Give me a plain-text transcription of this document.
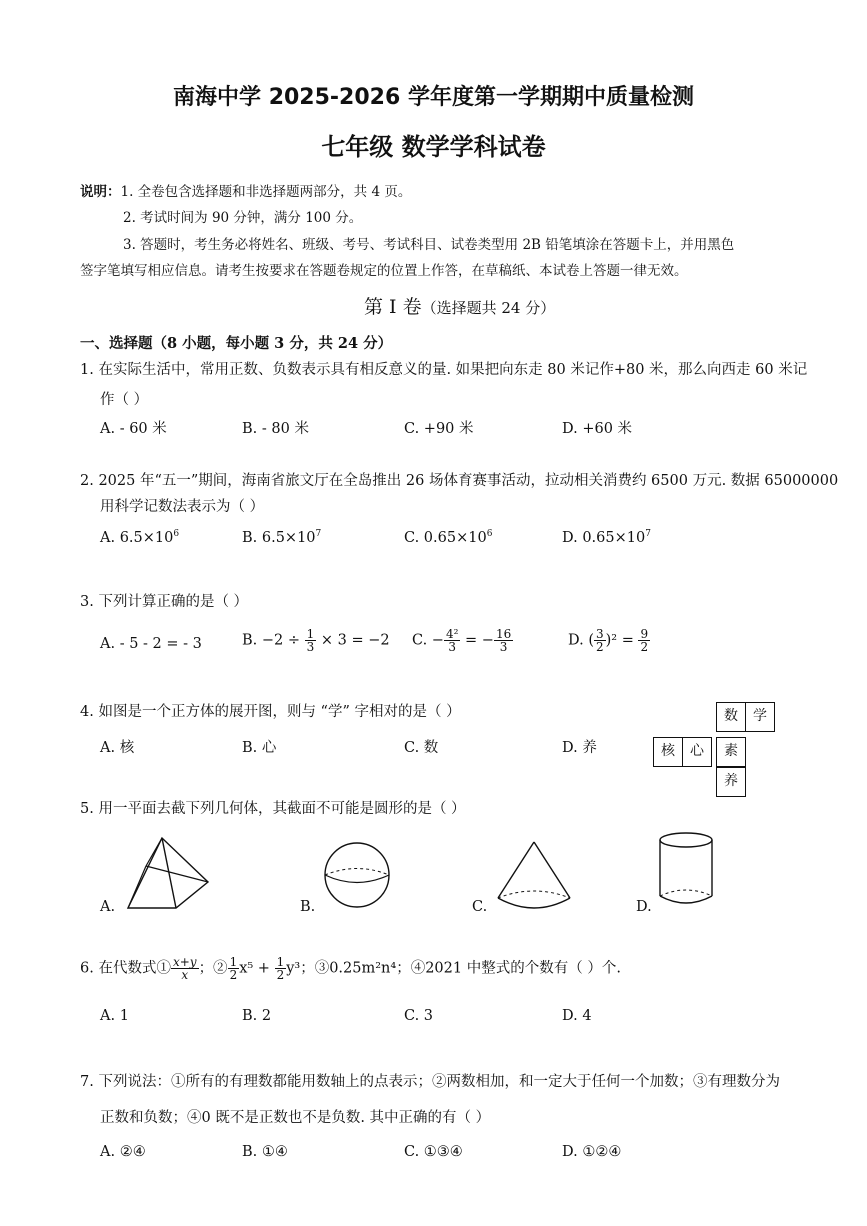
南海中学 2025-2026 学年度第一学期期中质量检测
七年级 数学学科试卷
说明：1. 全卷包含选择题和非选择题两部分，共 4 页。
2. 考试时间为 90 分钟，满分 100 分。
3. 答题时，考生务必将姓名、班级、考号、考试科目、试卷类型用 2B 铅笔填涂在答题卡上，并用黑色
签字笔填写相应信息。请考生按要求在答题卷规定的位置上作答，在草稿纸、本试卷上答题一律无效。
第 I 卷（选择题共 24 分）
一、选择题（8 小题，每小题 3 分，共 24 分）
1. 在实际生活中，常用正数、负数表示具有相反意义的量. 如果把向东走 80 米记作+80 米，那么向西走 60 米记
作（ ）
A. - 60 米	B. - 80 米	C. +90 米	D. +60 米
2. 2025 年“五一”期间，海南省旅文厅在全岛推出 26 场体育赛事活动，拉动相关消费约 6500 万元. 数据 65000000
用科学记数法表示为（ ）
A. $6.5\times 10^6$	B. $6.5\times 10^7$	C. $0.65\times 10^6$	D. $0.65\times 10^7$
3. 下列计算正确的是（ ）
A. - 5 - 2 = - 3	B. $-2 \div \frac{1}{3} \times 3 = -2$ C. − $\frac{\text{4²}}{3}$ = − $\frac{16}{3}$	D. ( $\frac{3}{2} )^2 = \frac{9}{2}$
4. 如图是一个正方体的展开图，则与 “学” 字相对的是（ ）
A. 核	B. 心	C. 数	D. 养
数	学
核	心	素
养
5. 用一平面去截下列几何体，其截面不可能是圆形的是（ ）
A.	B.	C.	D.
6. 在代数式① $\frac{x+y}{x}$ ；② $\frac{1}{2} x^5 + \frac{1}{2} y^3$；③0.25m²n⁴；④2021 中整式的个数有（ ）个.
A. 1	B. 2	C. 3	D. 4
7. 下列说法：①所有的有理数都能用数轴上的点表示；②两数相加，和一定大于任何一个加数；③有理数分为
正数和负数；④0 既不是正数也不是负数. 其中正确的有（ ）
A. ②④	B. ①④	C. ①③④	D. ①②④
